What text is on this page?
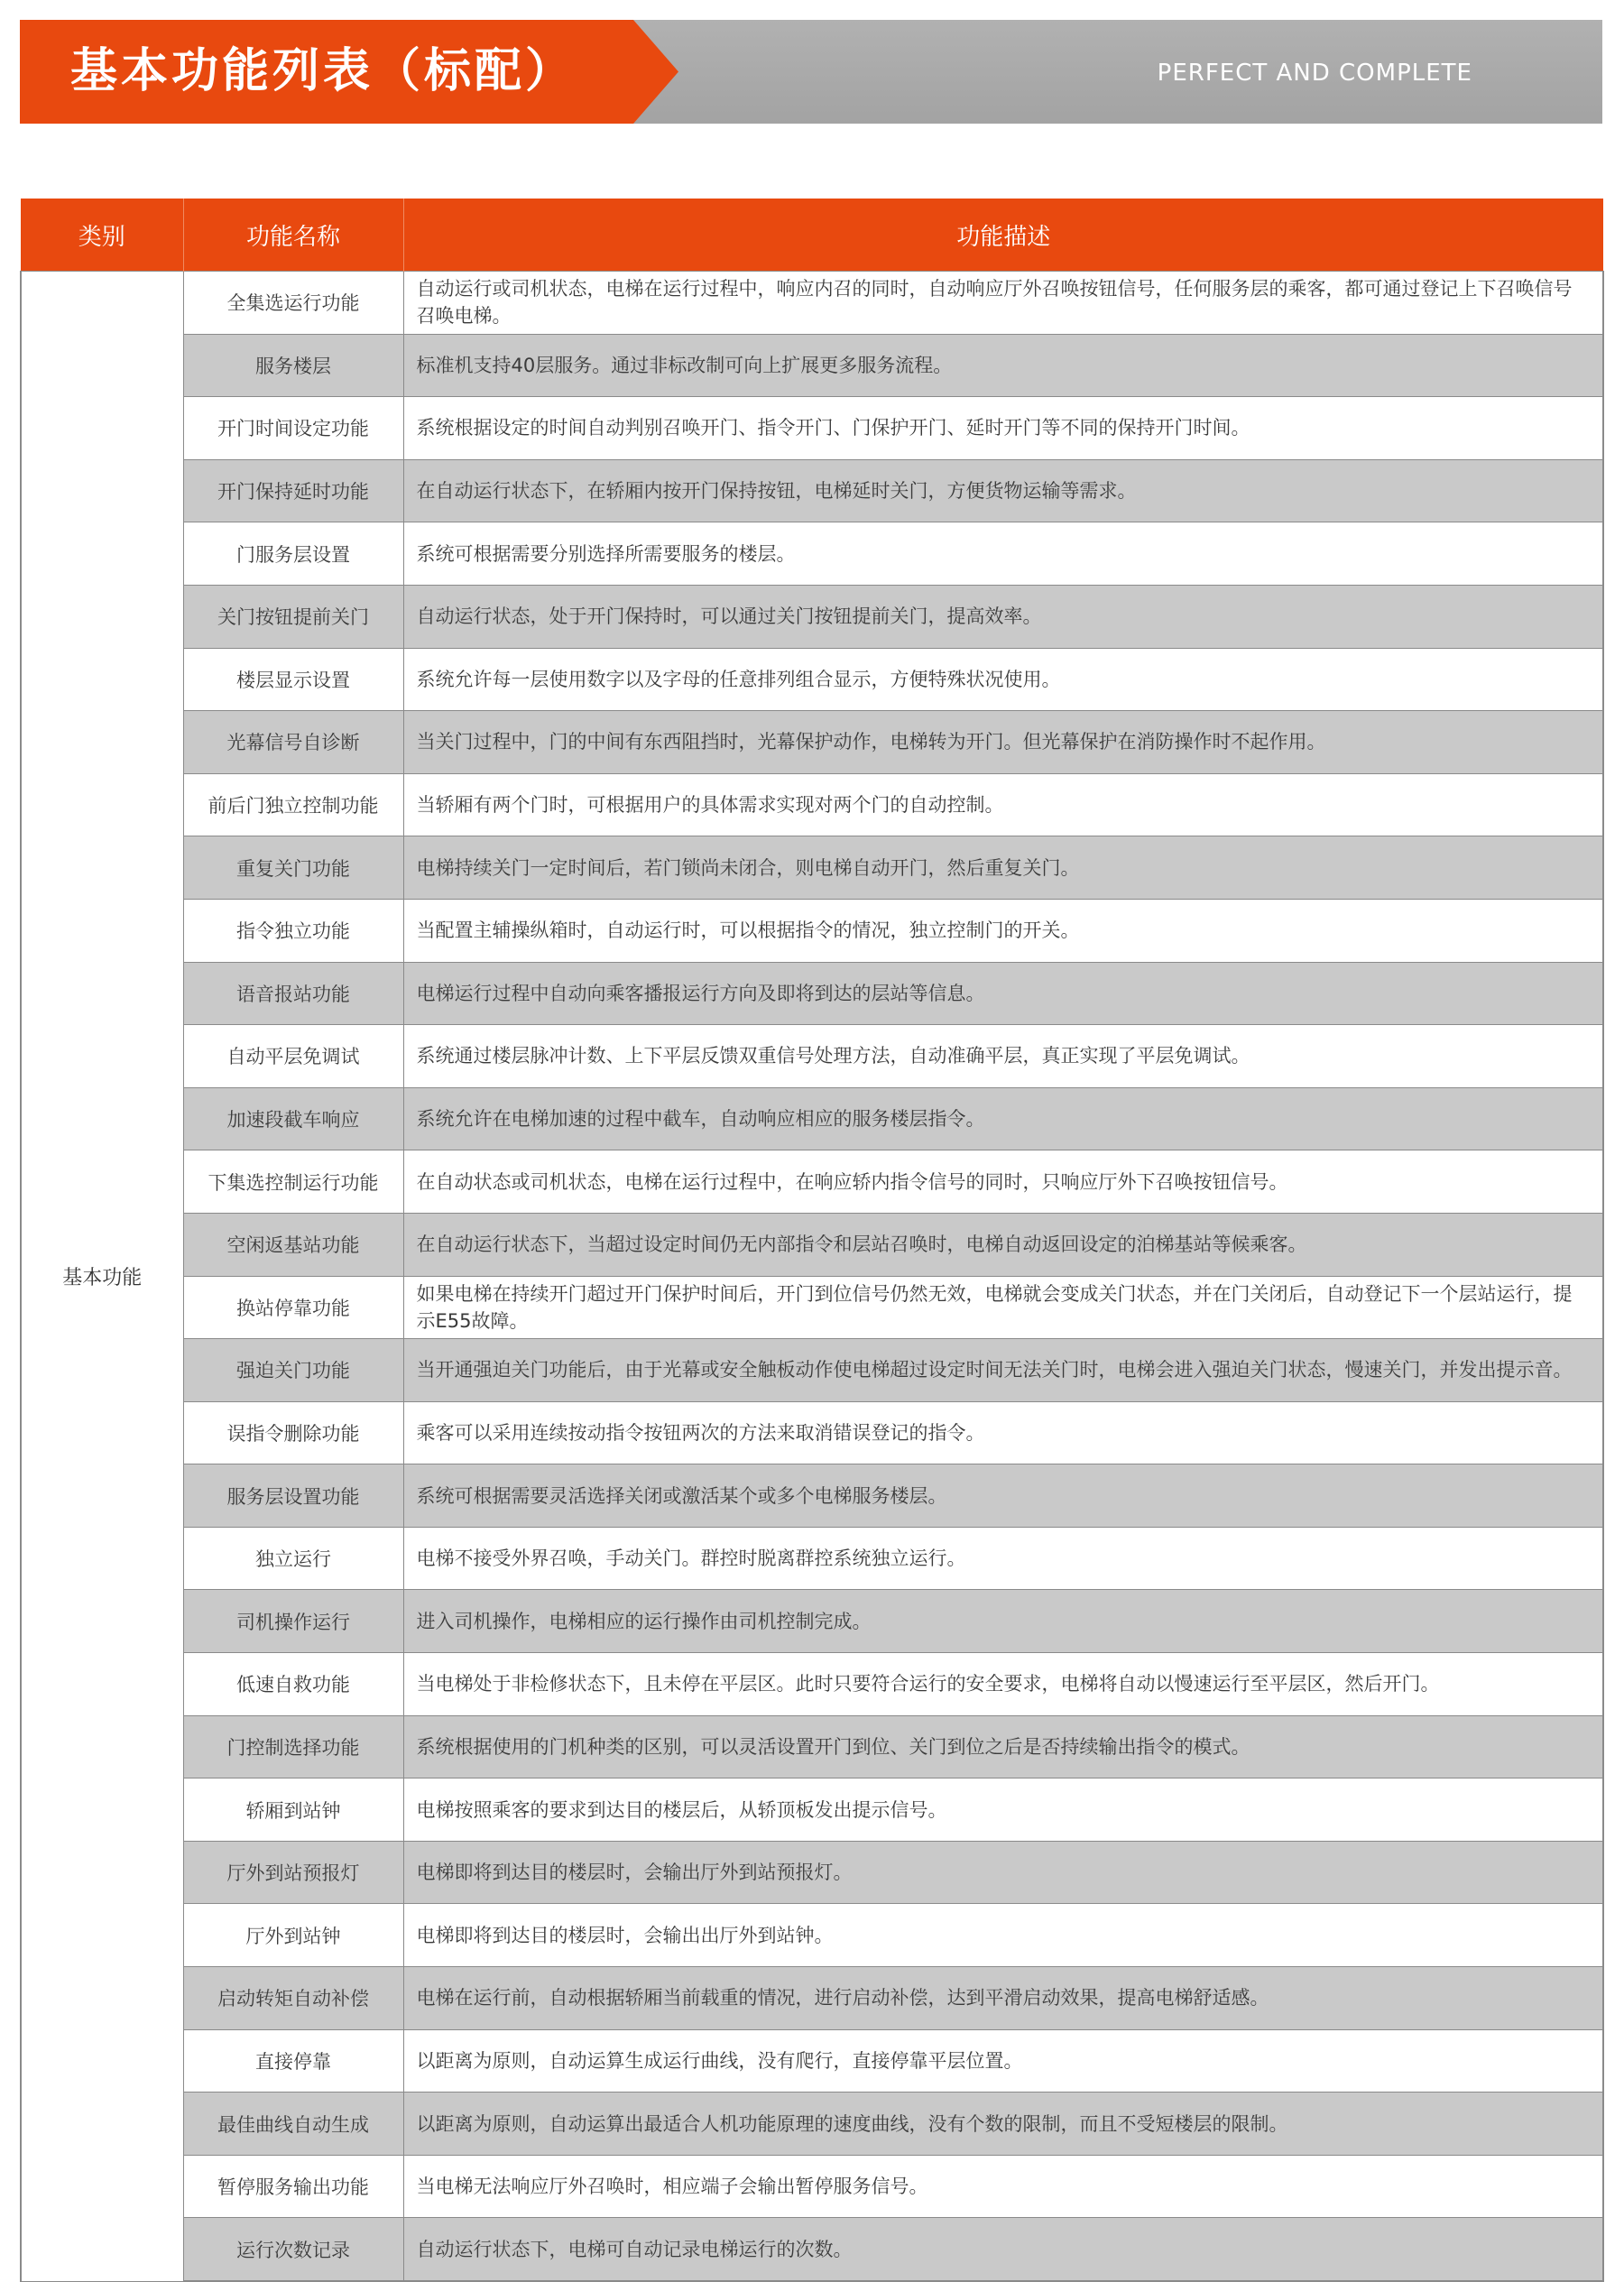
基本功能列表（标配）	PERFECT AND COMPLETE
类别	功能名称	功能描述
基本功能	全集选运行功能	自动运行或司机状态，电梯在运行过程中，响应内召的同时，自动响应厅外召唤按钮信号，任何服务层的乘客，都可通过登记上下召唤信号召唤电梯。
	服务楼层	标准机支持40层服务。通过非标改制可向上扩展更多服务流程。
	开门时间设定功能	系统根据设定的时间自动判别召唤开门、指令开门、门保护开门、延时开门等不同的保持开门时间。
	开门保持延时功能	在自动运行状态下，在轿厢内按开门保持按钮，电梯延时关门，方便货物运输等需求。
	门服务层设置	系统可根据需要分别选择所需要服务的楼层。
	关门按钮提前关门	自动运行状态，处于开门保持时，可以通过关门按钮提前关门，提高效率。
	楼层显示设置	系统允许每一层使用数字以及字母的任意排列组合显示，方便特殊状况使用。
	光幕信号自诊断	当关门过程中，门的中间有东西阻挡时，光幕保护动作，电梯转为开门。但光幕保护在消防操作时不起作用。
	前后门独立控制功能	当轿厢有两个门时，可根据用户的具体需求实现对两个门的自动控制。
	重复关门功能	电梯持续关门一定时间后，若门锁尚未闭合，则电梯自动开门，然后重复关门。
	指令独立功能	当配置主辅操纵箱时，自动运行时，可以根据指令的情况，独立控制门的开关。
	语音报站功能	电梯运行过程中自动向乘客播报运行方向及即将到达的层站等信息。
	自动平层免调试	系统通过楼层脉冲计数、上下平层反馈双重信号处理方法，自动准确平层，真正实现了平层免调试。
	加速段截车响应	系统允许在电梯加速的过程中截车，自动响应相应的服务楼层指令。
	下集选控制运行功能	在自动状态或司机状态，电梯在运行过程中，在响应轿内指令信号的同时，只响应厅外下召唤按钮信号。
	空闲返基站功能	在自动运行状态下，当超过设定时间仍无内部指令和层站召唤时，电梯自动返回设定的泊梯基站等候乘客。
	换站停靠功能	如果电梯在持续开门超过开门保护时间后，开门到位信号仍然无效，电梯就会变成关门状态，并在门关闭后，自动登记下一个层站运行，提示E55故障。
	强迫关门功能	当开通强迫关门功能后，由于光幕或安全触板动作使电梯超过设定时间无法关门时，电梯会进入强迫关门状态，慢速关门，并发出提示音。
	误指令删除功能	乘客可以采用连续按动指令按钮两次的方法来取消错误登记的指令。
	服务层设置功能	系统可根据需要灵活选择关闭或激活某个或多个电梯服务楼层。
	独立运行	电梯不接受外界召唤，手动关门。群控时脱离群控系统独立运行。
	司机操作运行	进入司机操作，电梯相应的运行操作由司机控制完成。
	低速自救功能	当电梯处于非检修状态下，且未停在平层区。此时只要符合运行的安全要求，电梯将自动以慢速运行至平层区，然后开门。
	门控制选择功能	系统根据使用的门机种类的区别，可以灵活设置开门到位、关门到位之后是否持续输出指令的模式。
	轿厢到站钟	电梯按照乘客的要求到达目的楼层后，从轿顶板发出提示信号。
	厅外到站预报灯	电梯即将到达目的楼层时，会输出厅外到站预报灯。
	厅外到站钟	电梯即将到达目的楼层时，会输出出厅外到站钟。
	启动转矩自动补偿	电梯在运行前，自动根据轿厢当前载重的情况，进行启动补偿，达到平滑启动效果，提高电梯舒适感。
	直接停靠	以距离为原则，自动运算生成运行曲线，没有爬行，直接停靠平层位置。
	最佳曲线自动生成	以距离为原则，自动运算出最适合人机功能原理的速度曲线，没有个数的限制，而且不受短楼层的限制。
	暂停服务输出功能	当电梯无法响应厅外召唤时，相应端子会输出暂停服务信号。
	运行次数记录	自动运行状态下，电梯可自动记录电梯运行的次数。
